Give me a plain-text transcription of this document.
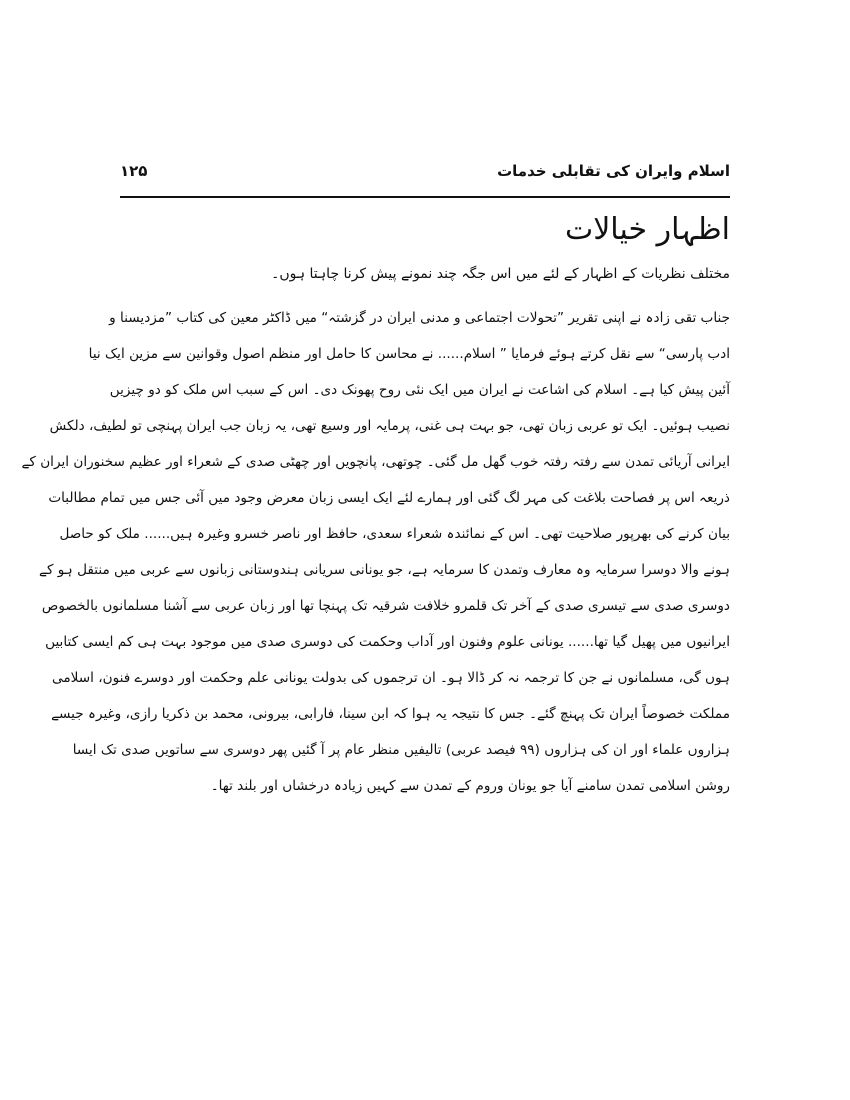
اسلام وایران کی تقابلی خدمات
۱۲۵
اظہار خیالات
مختلف نظریات کے اظہار کے لئے میں اس جگہ چند نمونے پیش کرنا چاہتا ہوں۔
جناب تقی زادہ نے اپنی تقریر ”تحولات اجتماعی و مدنی ایران در گزشتہ“ میں ڈاکٹر معین کی کتاب ”مزدیسنا و
ادب پارسی“ سے نقل کرتے ہوئے فرمایا ” اسلام...... نے محاسن کا حامل اور منظم اصول وقوانین سے مزین ایک نیا
آئین پیش کیا ہے۔ اسلام کی اشاعت نے ایران میں ایک نئی روح پھونک دی۔ اس کے سبب اس ملک کو دو چیزیں
نصیب ہوئیں۔ ایک تو عربی زبان تھی، جو بہت ہی غنی، پرمایہ اور وسیع تھی، یہ زبان جب ایران پہنچی تو لطیف، دلکش
ایرانی آریائی تمدن سے رفتہ رفتہ خوب گھل مل گئی۔ چوتھی، پانچویں اور چھٹی صدی کے شعراء اور عظیم سخنوران ایران کے
ذریعہ اس پر فصاحت بلاغت کی مہر لگ گئی اور ہمارے لئے ایک ایسی زبان معرض وجود میں آئی جس میں تمام مطالبات
بیان کرنے کی بھرپور صلاحیت تھی۔ اس کے نمائندہ شعراء سعدی، حافظ اور ناصر خسرو وغیرہ ہیں...... ملک کو حاصل
ہونے والا دوسرا سرمایہ وہ معارف وتمدن کا سرمایہ ہے، جو یونانی سریانی ہندوستانی زبانوں سے عربی میں منتقل ہو کے
دوسری صدی سے تیسری صدی کے آخر تک قلمرو خلافت شرقیہ تک پہنچا تھا اور زبان عربی سے آشنا مسلمانوں بالخصوص
ایرانیوں میں پھیل گیا تھا...... یونانی علوم وفنون اور آداب وحکمت کی دوسری صدی میں موجود بہت ہی کم ایسی کتابیں
ہوں گی، مسلمانوں نے جن کا ترجمہ نہ کر ڈالا ہو۔ ان ترجموں کی بدولت یونانی علم وحکمت اور دوسرے فنون، اسلامی
مملکت خصوصاً ایران تک پہنچ گئے۔ جس کا نتیجہ یہ ہوا کہ ابن سینا، فارابی، بیرونی، محمد بن ذکریا رازی، وغیرہ جیسے
ہزاروں علماء اور ان کی ہزاروں (۹۹ فیصد عربی) تالیفیں منظر عام پر آ گئیں پھر دوسری سے ساتویں صدی تک ایسا
روشن اسلامی تمدن سامنے آیا جو یونان وروم کے تمدن سے کہیں زیادہ درخشاں اور بلند تھا۔
